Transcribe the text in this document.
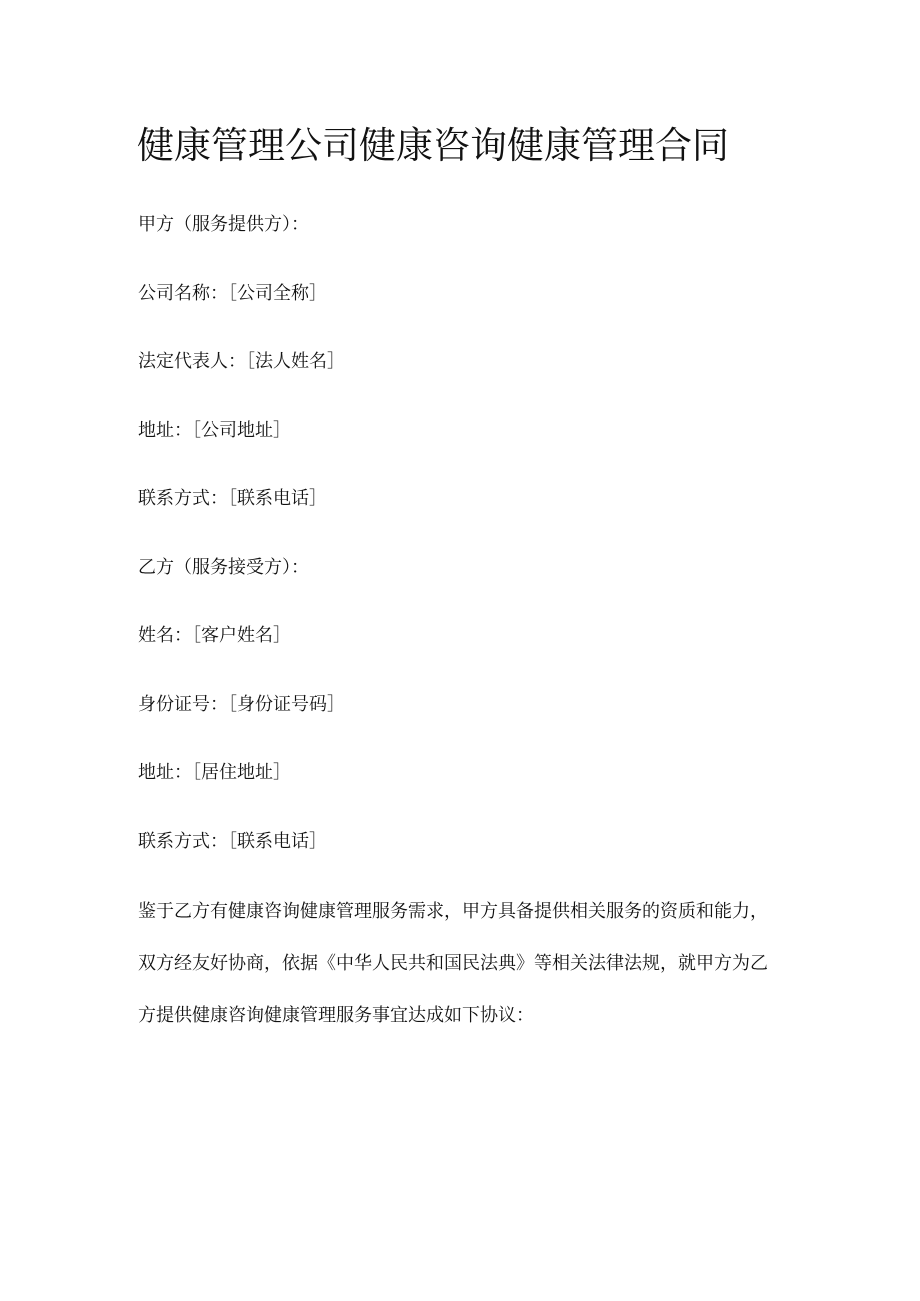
健康管理公司健康咨询健康管理合同
甲方（服务提供方）：
公司名称：［公司全称］
法定代表人：［法人姓名］
地址：［公司地址］
联系方式：［联系电话］
乙方（服务接受方）：
姓名：［客户姓名］
身份证号：［身份证号码］
地址：［居住地址］
联系方式：［联系电话］

鉴于乙方有健康咨询健康管理服务需求，甲方具备提供相关服务的资质和能力，
双方经友好协商，依据《中华人民共和国民法典》等相关法律法规，就甲方为乙
方提供健康咨询健康管理服务事宜达成如下协议：
